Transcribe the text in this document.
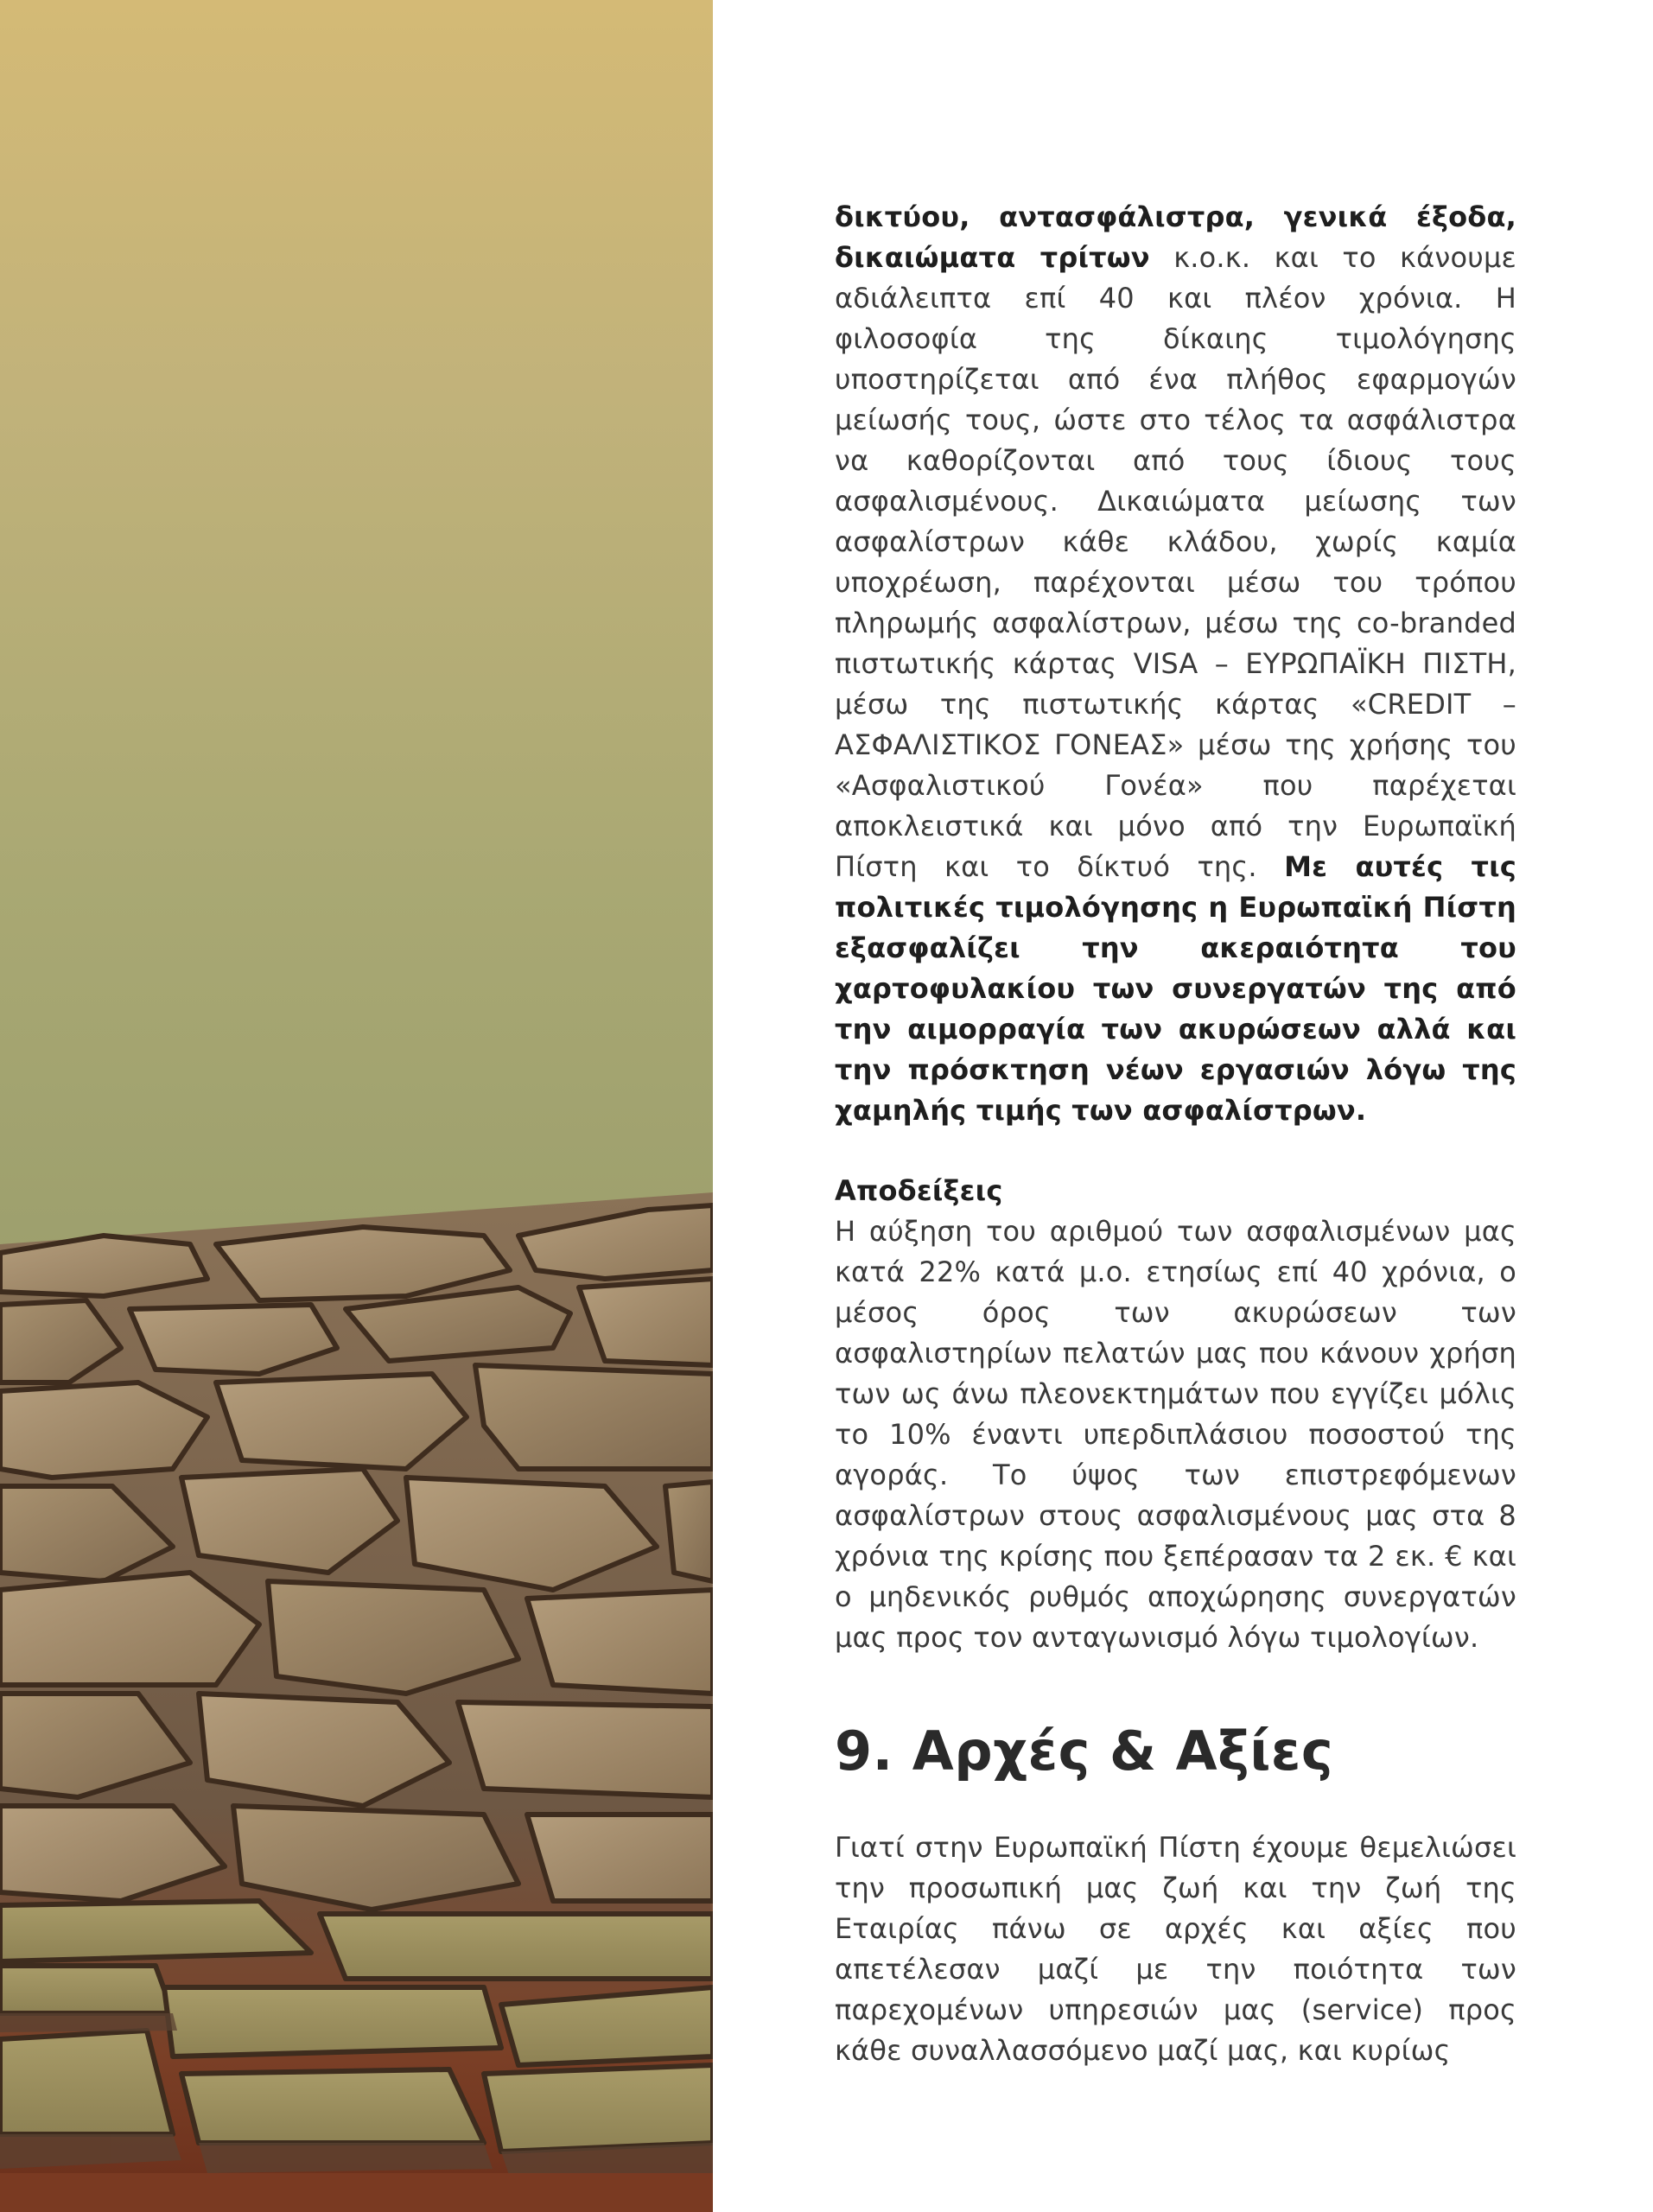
δικτύου, αντασφάλιστρα, γενικά έξοδα, δικαιώματα τρίτων κ.ο.κ. και το κάνουμε αδιάλειπτα επί 40 και πλέον χρόνια. Η φιλοσοφία της δίκαιης τιμολόγησης υποστηρίζεται από ένα πλήθος εφαρμογών μείωσής τους, ώστε στο τέλος τα ασφάλιστρα να καθορίζονται από τους ίδιους τους ασφαλισμένους. Δικαιώματα μείωσης των ασφαλίστρων κάθε κλάδου, χωρίς καμία υποχρέωση, παρέχονται μέσω του τρόπου πληρωμής ασφαλίστρων, μέσω της co-branded πιστωτικής κάρτας VISA – ΕΥΡΩΠΑΪΚΗ ΠΙΣΤΗ, μέσω της πιστωτικής κάρτας «CREDIT – ΑΣΦΑΛΙΣΤΙΚΟΣ ΓΟΝΕΑΣ» μέσω της χρήσης του «Ασφαλιστικού Γονέα» που παρέχεται αποκλειστικά και μόνο από την Ευρωπαϊκή Πίστη και το δίκτυό της. Με αυτές τις πολιτικές τιμολόγησης η Ευρωπαϊκή Πίστη εξασφαλίζει την ακεραιότητα του χαρτοφυλακίου των συνεργατών της από την αιμορραγία των ακυρώσεων αλλά και την πρόσκτηση νέων εργασιών λόγω της χαμηλής τιμής των ασφαλίστρων.

Αποδείξεις

Η αύξηση του αριθμού των ασφαλισμένων μας κατά 22% κατά μ.ο. ετησίως επί 40 χρόνια, ο μέσος όρος των ακυρώσεων των ασφαλιστηρίων πελατών μας που κάνουν χρήση των ως άνω πλεονεκτημάτων που εγγίζει μόλις το 10% έναντι υπερδιπλάσιου ποσοστού της αγοράς. Το ύψος των επιστρεφόμενων ασφαλίστρων στους ασφαλισμένους μας στα 8 χρόνια της κρίσης που ξεπέρασαν τα 2 εκ. € και ο μηδενικός ρυθμός αποχώρησης συνεργατών μας προς τον ανταγωνισμό λόγω τιμολογίων.

9. Αρχές & Αξίες

Γιατί στην Ευρωπαϊκή Πίστη έχουμε θεμελιώσει την προσωπική μας ζωή και την ζωή της Εταιρίας πάνω σε αρχές και αξίες που απετέλεσαν μαζί με την ποιότητα των παρεχομένων υπηρεσιών μας (service) προς κάθε συναλλασσόμενο μαζί μας, και κυρίως
